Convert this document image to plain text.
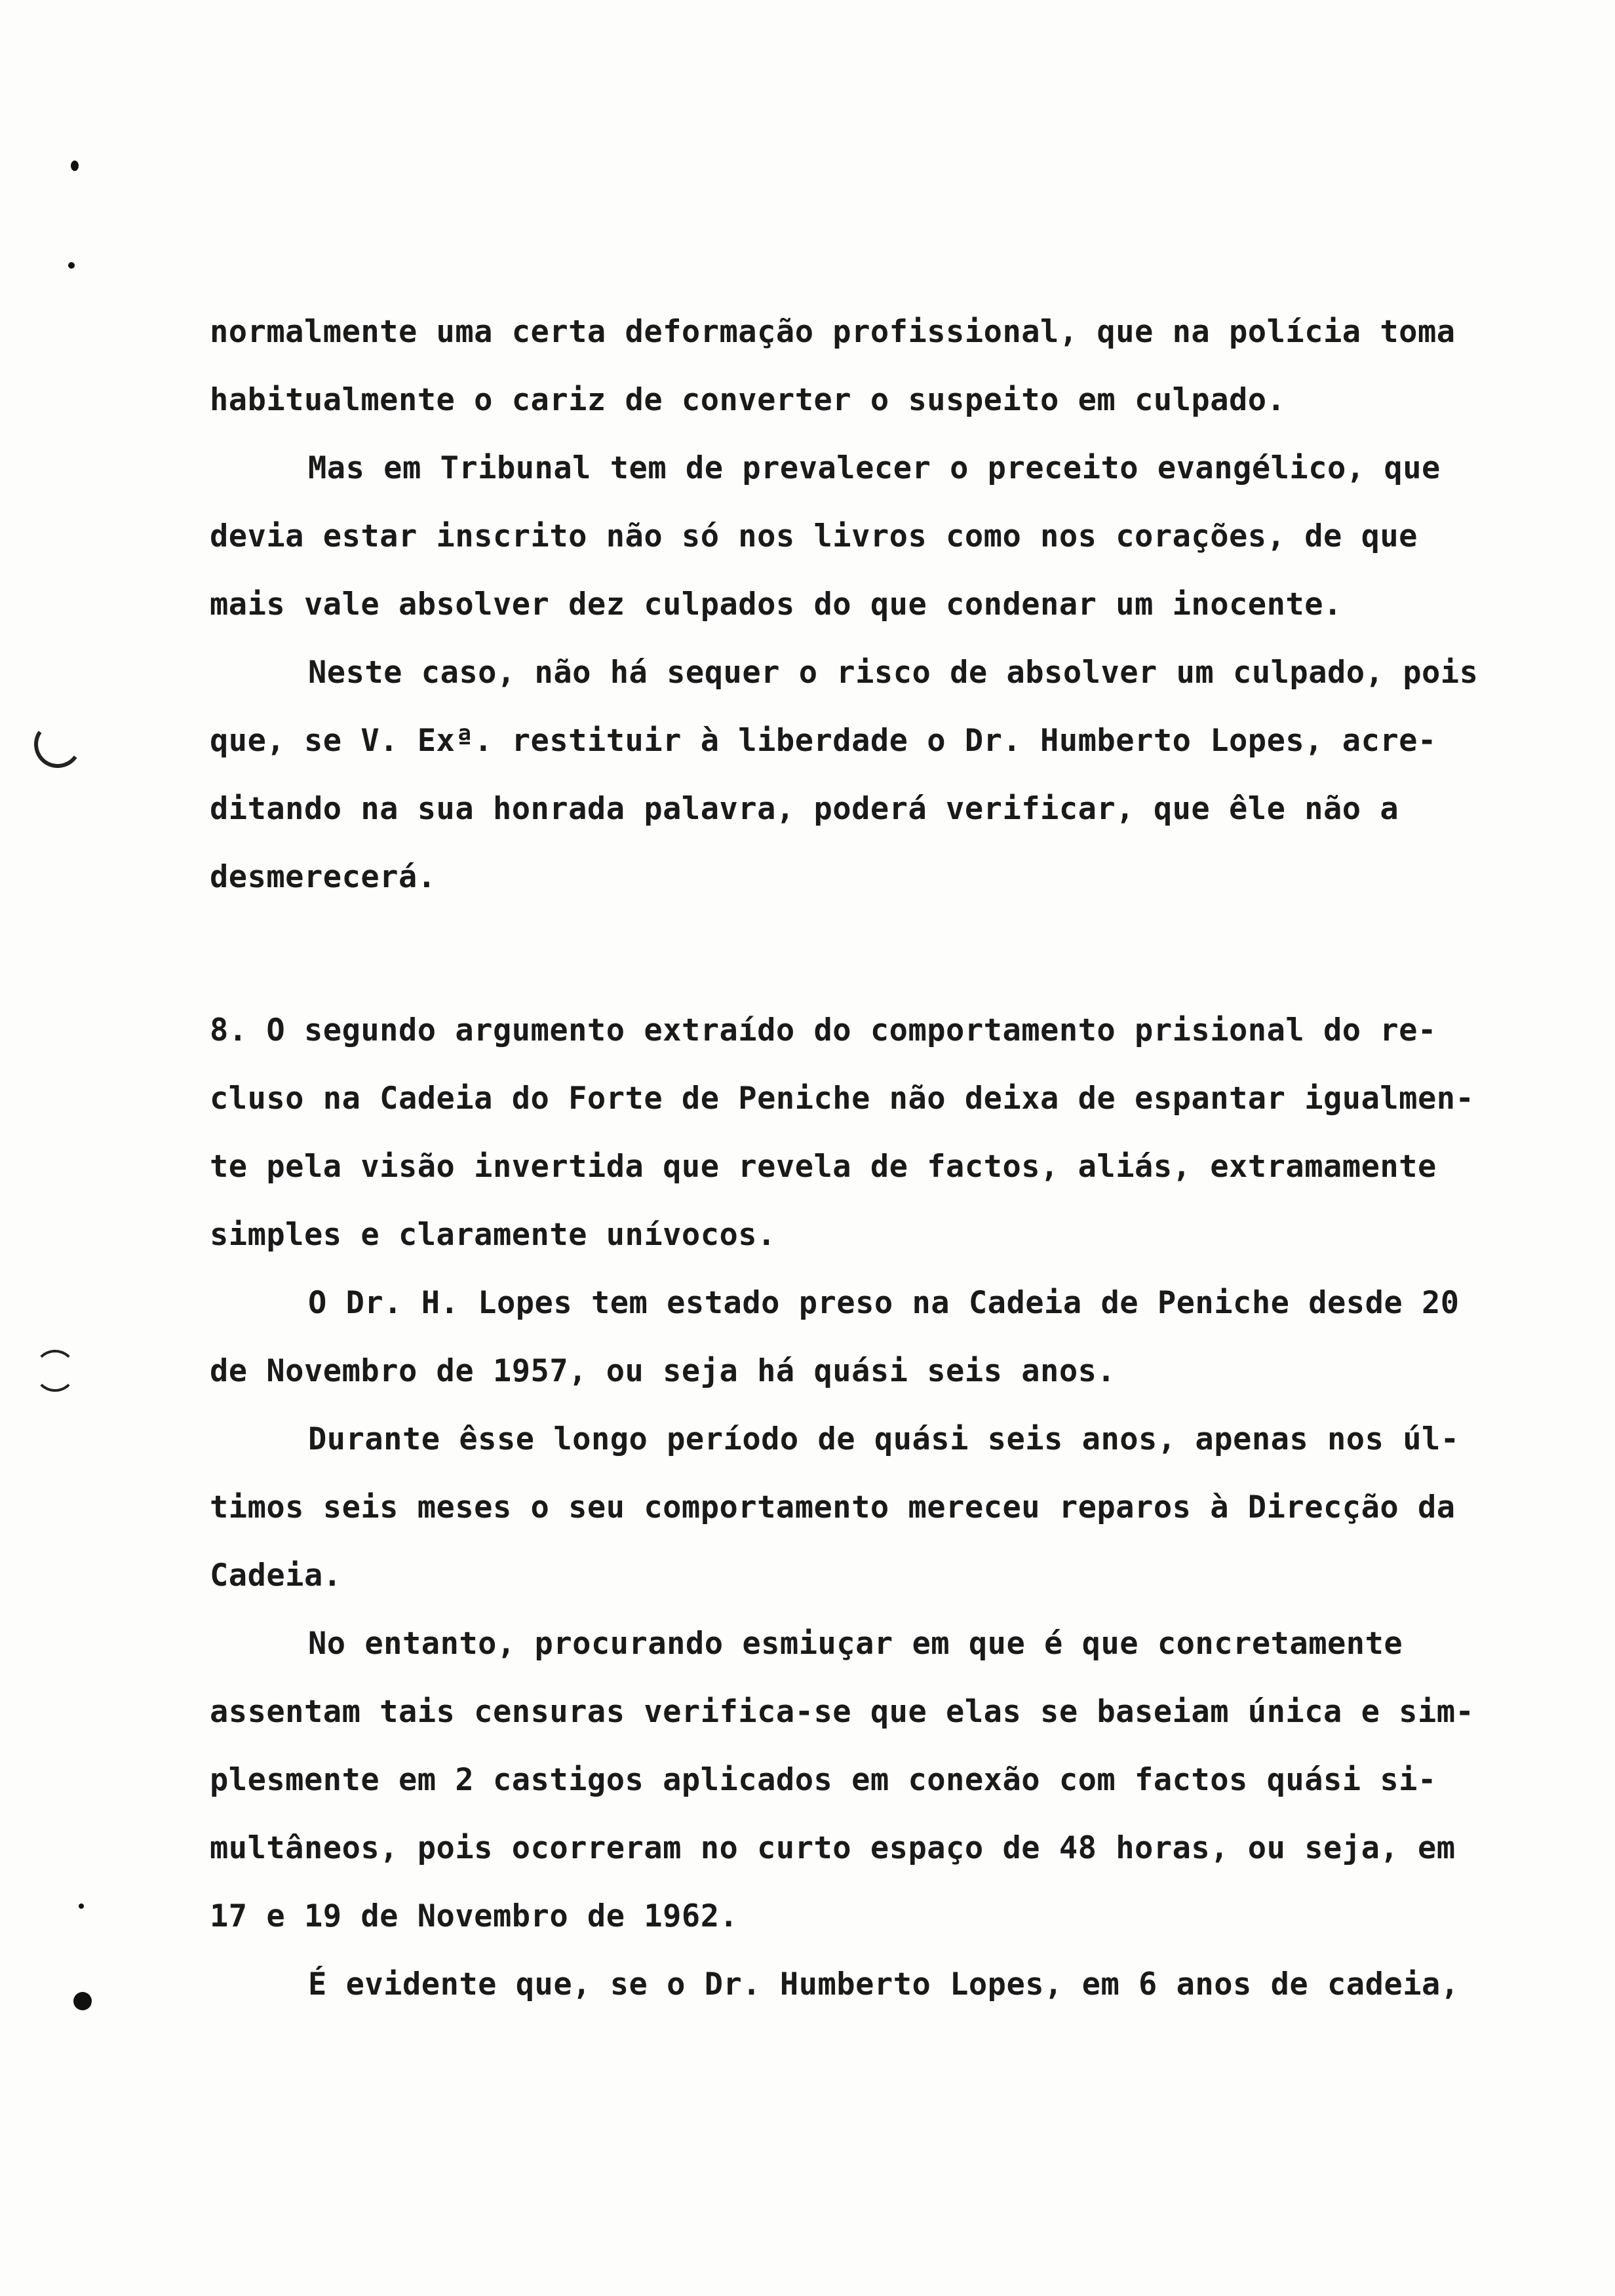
normalmente uma certa deformação profissional, que na polícia toma
habitualmente o cariz de converter o suspeito em culpado.
Mas em Tribunal tem de prevalecer o preceito evangélico, que
devia estar inscrito não só nos livros como nos corações, de que
mais vale absolver dez culpados do que condenar um inocente.
Neste caso, não há sequer o risco de absolver um culpado, pois
que, se V. Exª. restituir à liberdade o Dr. Humberto Lopes, acre-
ditando na sua honrada palavra, poderá verificar, que êle não a
desmerecerá.
8. O segundo argumento extraído do comportamento prisional do re-
cluso na Cadeia do Forte de Peniche não deixa de espantar igualmen-
te pela visão invertida que revela de factos, aliás, extramamente
simples e claramente unívocos.
O Dr. H. Lopes tem estado preso na Cadeia de Peniche desde 20
de Novembro de 1957, ou seja há quási seis anos.
Durante êsse longo período de quási seis anos, apenas nos úl-
timos seis meses o seu comportamento mereceu reparos à Direcção da
Cadeia.
No entanto, procurando esmiuçar em que é que concretamente
assentam tais censuras verifica-se que elas se baseiam única e sim-
plesmente em 2 castigos aplicados em conexão com factos quási si-
multâneos, pois ocorreram no curto espaço de 48 horas, ou seja, em
17 e 19 de Novembro de 1962.
É evidente que, se o Dr. Humberto Lopes, em 6 anos de cadeia,
